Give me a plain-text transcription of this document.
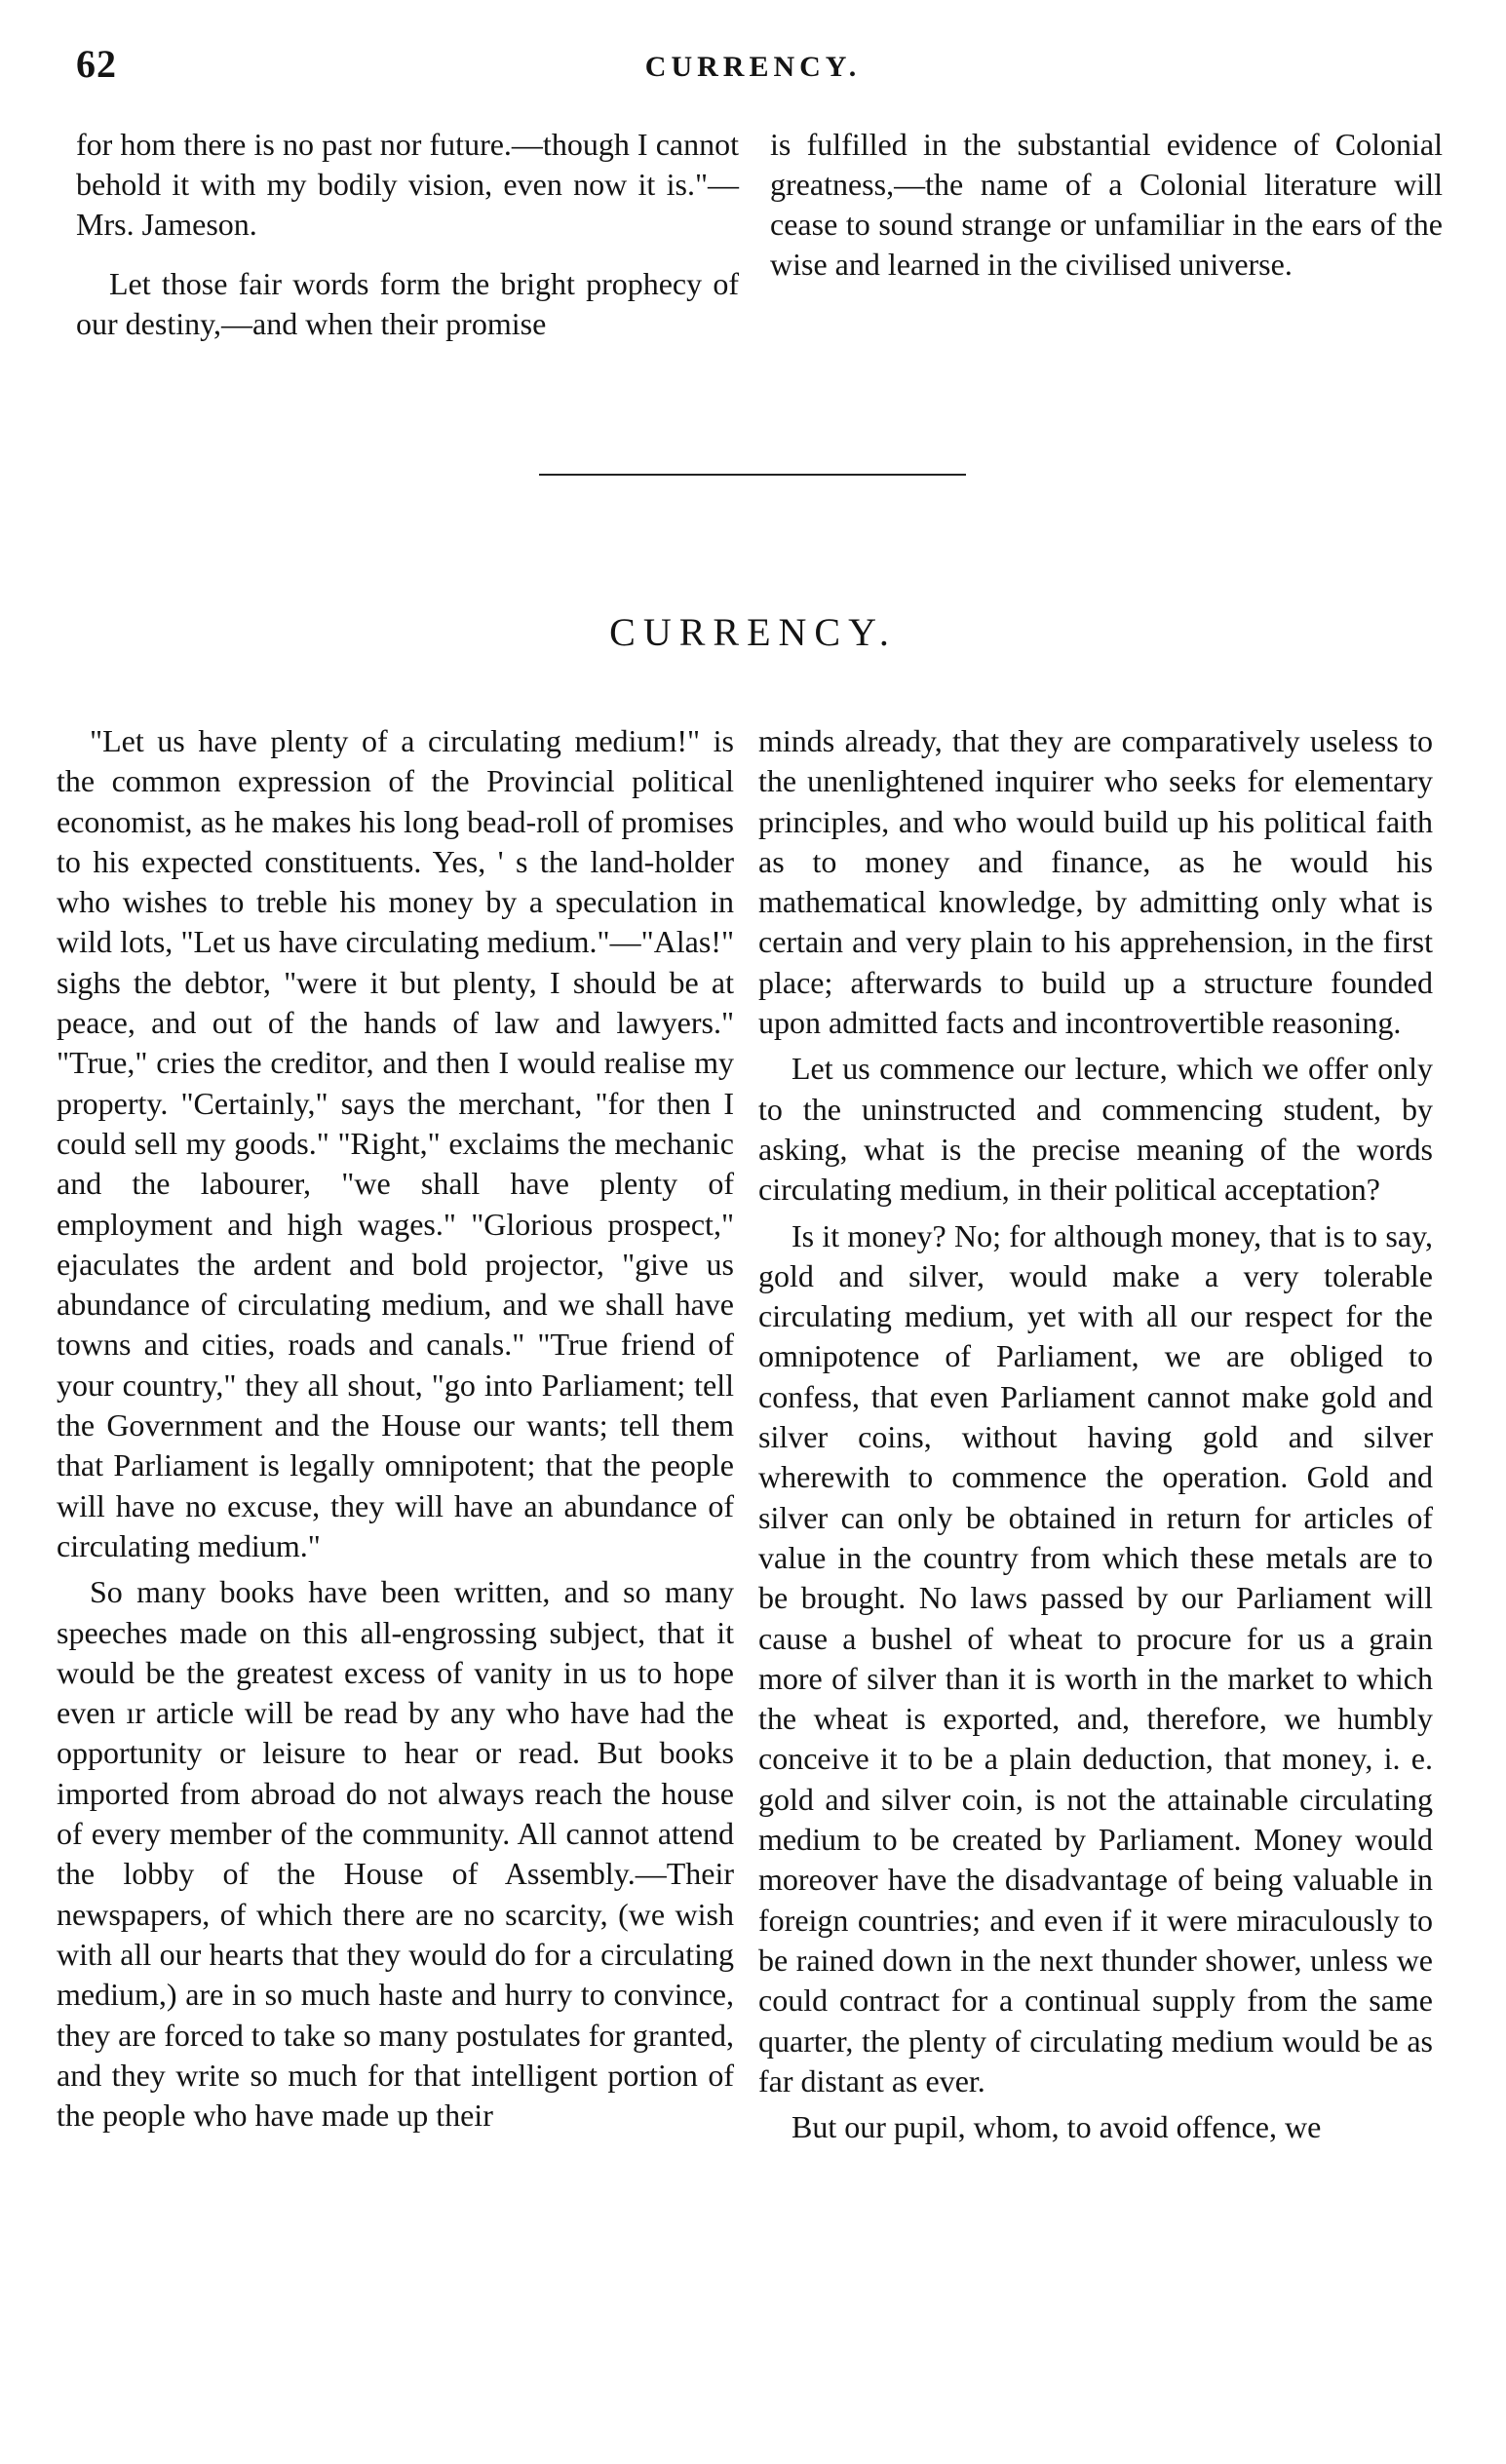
62	CURRENCY.

for hom there is no past nor future.—though I cannot behold it with my bodily vision, even now it is."—Mrs. Jameson.

Let those fair words form the bright prophecy of our destiny,—and when their promise

is fulfilled in the substantial evidence of Colonial greatness,—the name of a Colonial literature will cease to sound strange or unfamiliar in the ears of the wise and learned in the civilised universe.

CURRENCY.

"Let us have plenty of a circulating medium!" is the common expression of the Provincial political economist, as he makes his long bead-roll of promises to his expected constituents. Yes, ' s the land-holder who wishes to treble his money by a speculation in wild lots, "Let us have circulating medium."—"Alas!" sighs the debtor, "were it but plenty, I should be at peace, and out of the hands of law and lawyers." "True," cries the creditor, and then I would realise my property. "Certainly," says the merchant, "for then I could sell my goods." "Right," exclaims the mechanic and the labourer, "we shall have plenty of employment and high wages." "Glorious prospect," ejaculates the ardent and bold projector, "give us abundance of circulating medium, and we shall have towns and cities, roads and canals." "True friend of your country," they all shout, "go into Parliament; tell the Government and the House our wants; tell them that Parliament is legally omnipotent; that the people will have no excuse, they will have an abundance of circulating medium."

So many books have been written, and so many speeches made on this all-engrossing subject, that it would be the greatest excess of vanity in us to hope even ır article will be read by any who have had the opportunity or leisure to hear or read. But books imported from abroad do not always reach the house of every member of the community. All cannot attend the lobby of the House of Assembly.—Their newspapers, of which there are no scarcity, (we wish with all our hearts that they would do for a circulating medium,) are in so much haste and hurry to convince, they are forced to take so many postulates for granted, and they write so much for that intelligent portion of the people who have made up their

minds already, that they are comparatively useless to the unenlightened inquirer who seeks for elementary principles, and who would build up his political faith as to money and finance, as he would his mathematical knowledge, by admitting only what is certain and very plain to his apprehension, in the first place; afterwards to build up a structure founded upon admitted facts and incontrovertible reasoning.

Let us commence our lecture, which we offer only to the uninstructed and commencing student, by asking, what is the precise meaning of the words circulating medium, in their political acceptation?

Is it money? No; for although money, that is to say, gold and silver, would make a very tolerable circulating medium, yet with all our respect for the omnipotence of Parliament, we are obliged to confess, that even Parliament cannot make gold and silver coins, without having gold and silver wherewith to commence the operation. Gold and silver can only be obtained in return for articles of value in the country from which these metals are to be brought. No laws passed by our Parliament will cause a bushel of wheat to procure for us a grain more of silver than it is worth in the market to which the wheat is exported, and, therefore, we humbly conceive it to be a plain deduction, that money, i. e. gold and silver coin, is not the attainable circulating medium to be created by Parliament. Money would moreover have the disadvantage of being valuable in foreign countries; and even if it were miraculously to be rained down in the next thunder shower, unless we could contract for a continual supply from the same quarter, the plenty of circulating medium would be as far distant as ever.

But our pupil, whom, to avoid offence, we
